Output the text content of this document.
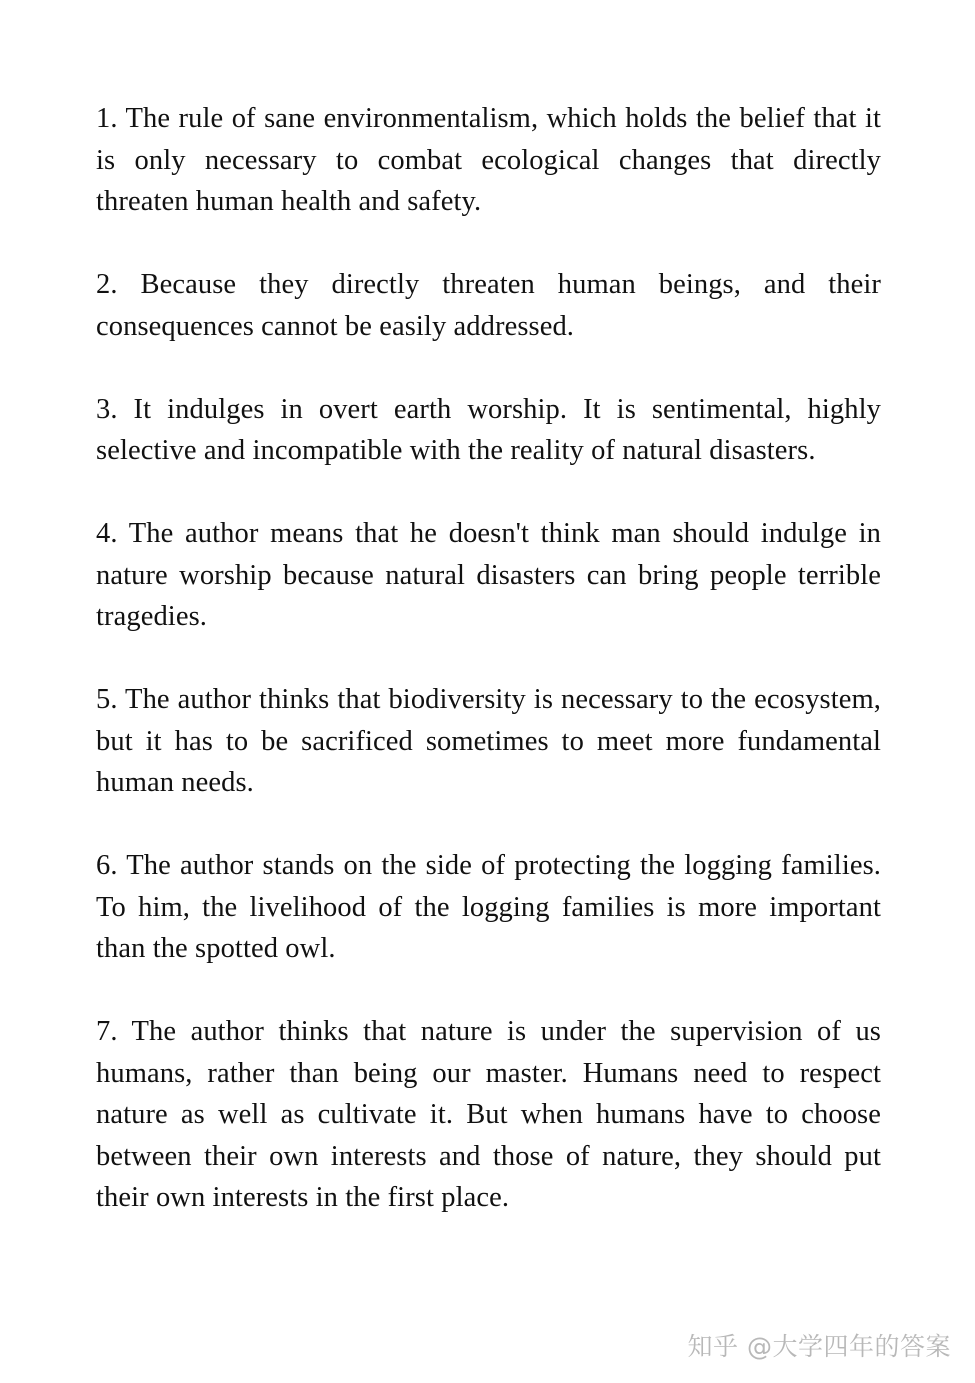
1. The rule of sane environmentalism, which holds the belief that it is only necessary to combat ecological changes that directly threaten human health and safety.

2. Because they directly threaten human beings, and their consequences cannot be easily addressed.

3. It indulges in overt earth worship. It is sentimental, highly selective and incompatible with the reality of natural disasters.

4. The author means that he doesn't think man should indulge in nature worship because natural disasters can bring people terrible tragedies.

5. The author thinks that biodiversity is necessary to the ecosystem, but it has to be sacrificed sometimes to meet more fundamental human needs.

6. The author stands on the side of protecting the logging families. To him, the livelihood of the logging families is more important than the spotted owl.

7. The author thinks that nature is under the supervision of us humans, rather than being our master. Humans need to respect nature as well as cultivate it. But when humans have to choose between their own interests and those of nature, they should put their own interests in the first place.

知乎 @大学四年的答案
